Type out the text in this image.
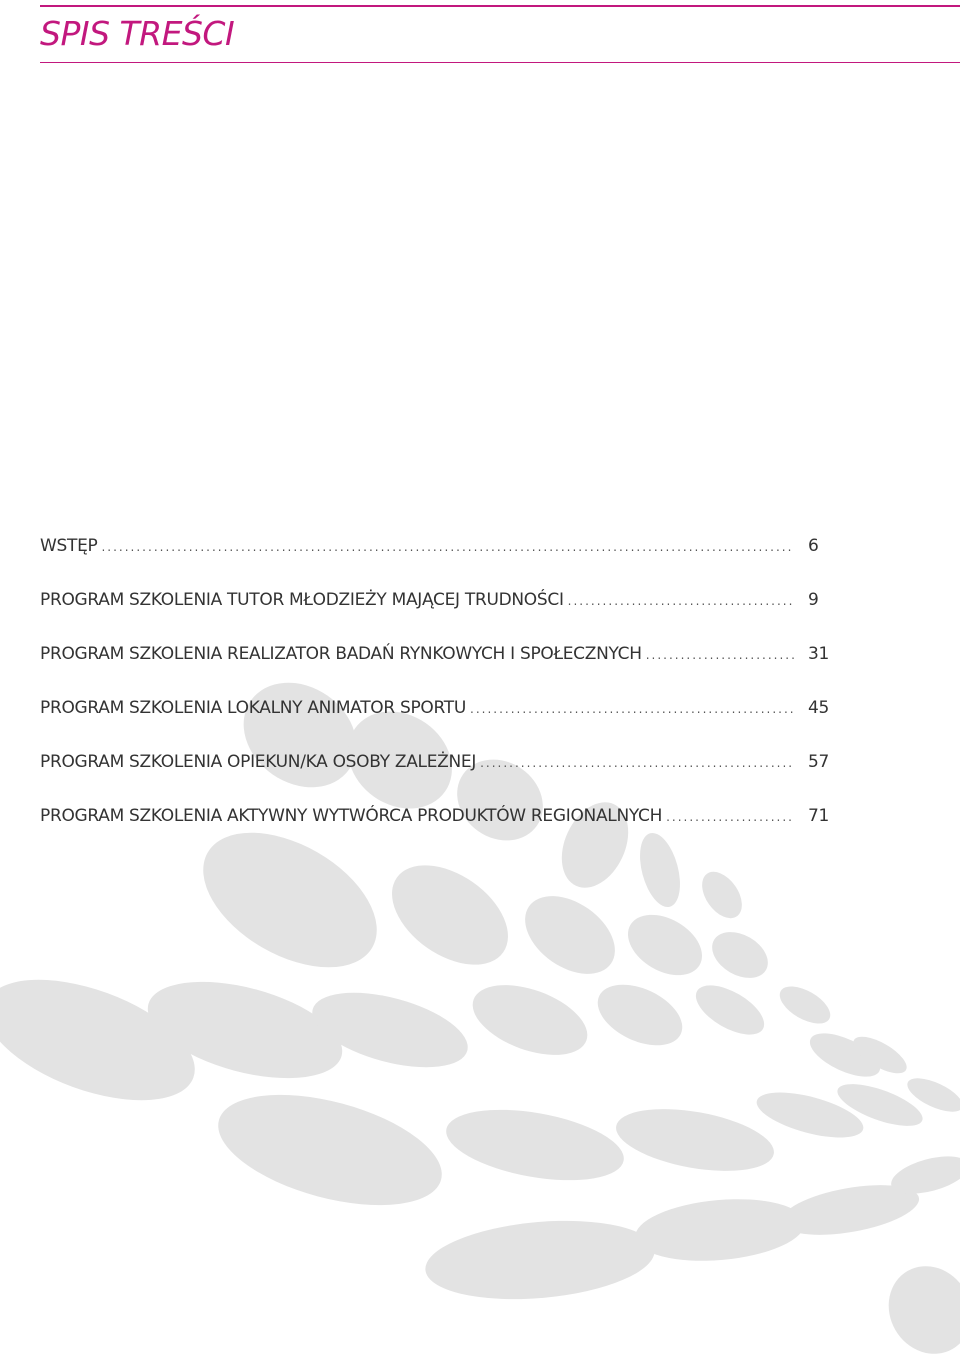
SPIS TREŚCI
WSTĘP .....	6
PROGRAM SZKOLENIA TUTOR MŁODZIEŻY MAJĄCEJ TRUDNOŚCI .....	9
PROGRAM SZKOLENIA REALIZATOR BADAŃ RYNKOWYCH I SPOŁECZNYCH .....	31
PROGRAM SZKOLENIA LOKALNY ANIMATOR SPORTU .....	45
PROGRAM SZKOLENIA OPIEKUN/KA OSOBY ZALEŻNEJ .....	57
PROGRAM SZKOLENIA AKTYWNY WYTWÓRCA PRODUKTÓW REGIONALNYCH .....	71
